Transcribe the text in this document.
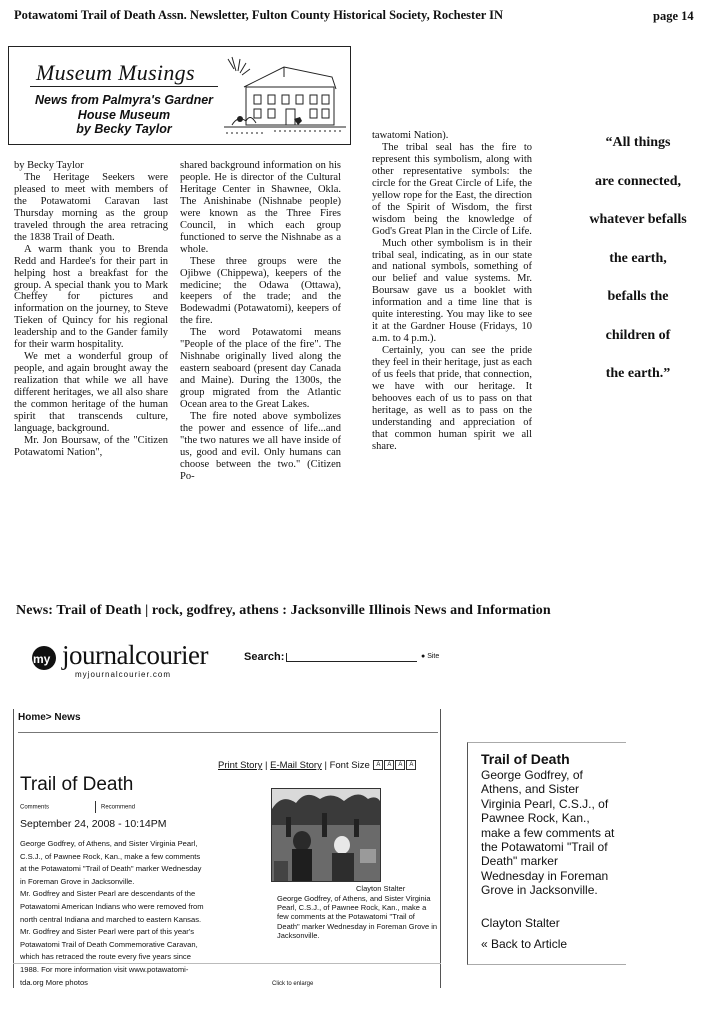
Potawatomi Trail of Death Assn. Newsletter, Fulton County Historical Society, Rochester IN	page 14
Museum Musings
News from Palmyra's Gardner
House Museum
by Becky Taylor

by Becky Taylor

The Heritage Seekers were pleased to meet with members of the Potawatomi Caravan last Thursday morning as the group traveled through the area retracing the 1838 Trail of Death.

A warm thank you to Brenda Redd and Hardee's for their part in helping host a breakfast for the group. A special thank you to Mark Cheffey for pictures and information on the journey, to Steve Tieken of Quincy for his regional leadership and to the Gander family for their warm hospitality.

We met a wonderful group of people, and again brought away the realization that while we all have different heritages, we all also share the common heritage of the human spirit that transcends culture, language, background.

Mr. Jon Boursaw, of the "Citizen Potawatomi Nation",

shared background information on his people. He is director of the Cultural Heritage Center in Shawnee, Okla. The Anishinabe (Nishnabe people) were known as the Three Fires Council, in which each group functioned to serve the Nishnabe as a whole.

These three groups were the Ojibwe (Chippewa), keepers of the medicine; the Odawa (Ottawa), keepers of the trade; and the Bodewadmi (Potawatomi), keepers of the fire.

The word Potawatomi means "People of the place of the fire". The Nishnabe originally lived along the eastern seaboard (present day Canada and Maine). During the 1300s, the group migrated from the Atlantic Ocean area to the Great Lakes.

The fire noted above symbolizes the power and essence of life...and "the two natures we all have inside of us, good and evil. Only humans can choose between the two." (Citizen Po-

tawatomi Nation).

The tribal seal has the fire to represent this symbolism, along with other representative symbols: the circle for the Great Circle of Life, the yellow rope for the East, the direction of the Spirit of Wisdom, the first wisdom being the knowledge of God's Great Plan in the Circle of Life.

Much other symbolism is in their tribal seal, indicating, as in our state and national symbols, something of our belief and value systems. Mr. Boursaw gave us a booklet with information and a time line that is quite interesting. You may like to see it at the Gardner House (Fridays, 10 a.m. to 4 p.m.).

Certainly, you can see the pride they feel in their heritage, just as each of us feels that pride, that connection, we have with our heritage. It behooves each of us to pass on that heritage, as well as to pass on the understanding and appreciation of that common human spirit we all share.

“All things
are connected,
whatever befalls
the earth,
befalls the
children of
the earth.”
News: Trail of Death | rock, godfrey, athens : Jacksonville Illinois News and Information
my journalcourier
myjournalcourier.com
Search:	● Site
Home> News
Print Story | E-Mail Story | Font Size A A A A
Trail of Death
Comments	Recommend
September 24, 2008 - 10:14PM

George Godfrey, of Athens, and Sister Virginia Pearl,

C.S.J., of Pawnee Rock, Kan., make a few comments

at the Potawatomi "Trail of Death" marker Wednesday

in Foreman Grove in Jacksonville.

Mr. Godfrey and Sister Pearl are descendants of the

Potawatomi American Indians who were removed from

north central Indiana and marched to eastern Kansas.

Mr. Godfrey and Sister Pearl were part of this year's

Potawatomi Trail of Death Commemorative Caravan,

which has retraced the route every five years since

1988. For more information visit www.potawatomi-

tda.org More photos

Clayton Stalter
George Godfrey, of Athens, and Sister Virginia Pearl, C.S.J., of Pawnee Rock, Kan., make a few comments at the Potawatomi "Trail of Death" marker Wednesday in Foreman Grove in Jacksonville.
Click to enlarge
Trail of Death
George Godfrey, of Athens, and Sister Virginia Pearl, C.S.J., of Pawnee Rock, Kan., make a few comments at the Potawatomi "Trail of Death" marker Wednesday in Foreman Grove in Jacksonville.
Clayton Stalter
« Back to Article
